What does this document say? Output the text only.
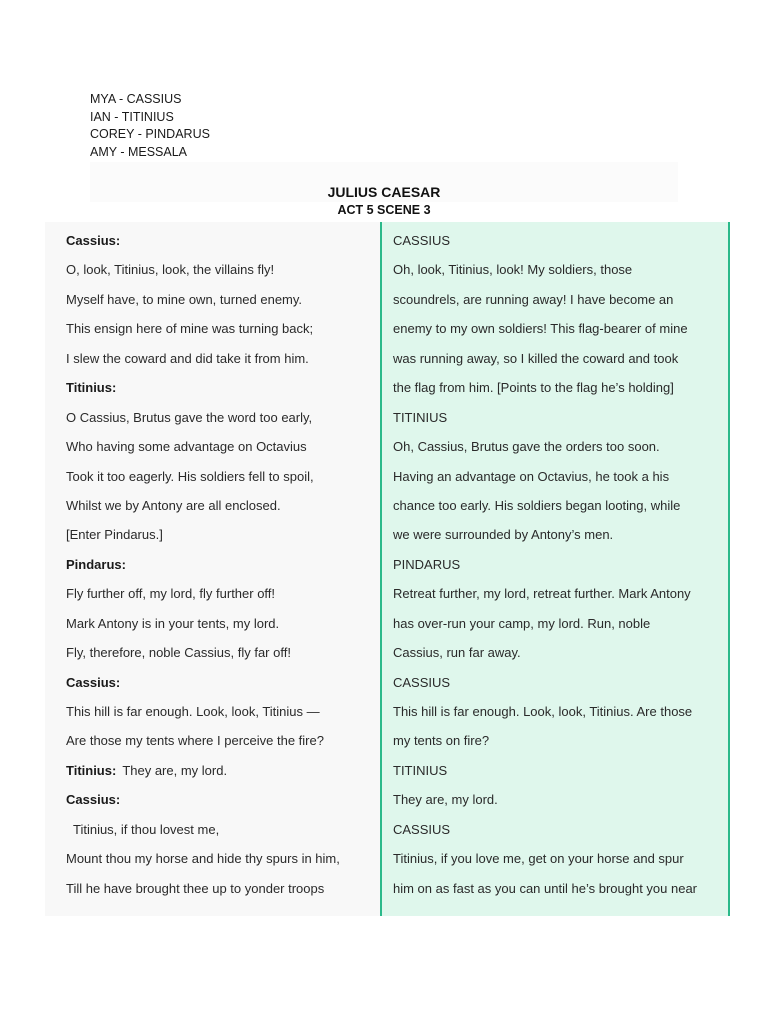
MYA - CASSIUS
IAN - TITINIUS
COREY - PINDARUS
AMY - MESSALA
JULIUS CAESAR
ACT 5 SCENE 3
Cassius:
O, look, Titinius, look, the villains fly!
Myself have, to mine own, turned enemy.
This ensign here of mine was turning back;
I slew the coward and did take it from him.
Titinius:
O Cassius, Brutus gave the word too early,
Who having some advantage on Octavius
Took it too eagerly. His soldiers fell to spoil,
Whilst we by Antony are all enclosed.
[Enter Pindarus.]
Pindarus:
Fly further off, my lord, fly further off!
Mark Antony is in your tents, my lord.
Fly, therefore, noble Cassius, fly far off!
Cassius:
This hill is far enough. Look, look, Titinius —
Are those my tents where I perceive the fire?
Titinius: They are, my lord.
Cassius:
Titinius, if thou lovest me,
Mount thou my horse and hide thy spurs in him,
Till he have brought thee up to yonder troops
CASSIUS
Oh, look, Titinius, look! My soldiers, those
scoundrels, are running away! I have become an
enemy to my own soldiers! This flag-bearer of mine
was running away, so I killed the coward and took
the flag from him. [Points to the flag he’s holding]
TITINIUS
Oh, Cassius, Brutus gave the orders too soon.
Having an advantage on Octavius, he took a his
chance too early. His soldiers began looting, while
we were surrounded by Antony’s men.
PINDARUS
Retreat further, my lord, retreat further. Mark Antony
has over-run your camp, my lord. Run, noble
Cassius, run far away.
CASSIUS
This hill is far enough. Look, look, Titinius. Are those
my tents on fire?
TITINIUS
They are, my lord.
CASSIUS
Titinius, if you love me, get on your horse and spur
him on as fast as you can until he’s brought you near
